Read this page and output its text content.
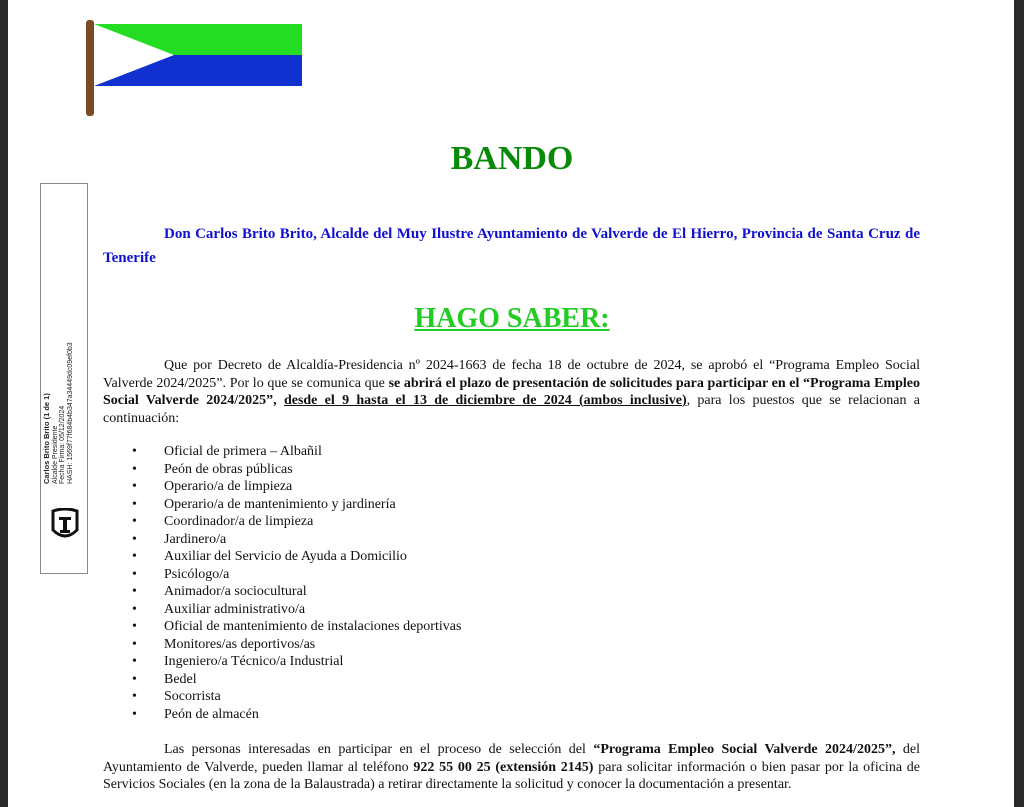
Carlos Brito Brito (1 de 1)
Alcalde Presidente
Fecha Firma: 05/12/2024
HASH: 1569f77f684b4b347a34449dc09ef0b3
BANDO
Don Carlos Brito Brito, Alcalde del Muy Ilustre Ayuntamiento de Valverde de El Hierro, Provincia de Santa Cruz de Tenerife
HAGO SABER:
Que por Decreto de Alcaldía-Presidencia nº 2024-1663 de fecha 18 de octubre de 2024, se aprobó el “Programa Empleo Social Valverde 2024/2025”. Por lo que se comunica que se abrirá el plazo de presentación de solicitudes para participar en el “Programa Empleo Social Valverde 2024/2025”, desde el 9 hasta el 13 de diciembre de 2024 (ambos inclusive), para los puestos que se relacionan a continuación:
• Oficial de primera – Albañil
• Peón de obras públicas
• Operario/a de limpieza
• Operario/a de mantenimiento y jardinería
• Coordinador/a de limpieza
• Jardinero/a
• Auxiliar del Servicio de Ayuda a Domicilio
• Psicólogo/a
• Animador/a sociocultural
• Auxiliar administrativo/a
• Oficial de mantenimiento de instalaciones deportivas
• Monitores/as deportivos/as
• Ingeniero/a Técnico/a Industrial
• Bedel
• Socorrista
• Peón de almacén
Las personas interesadas en participar en el proceso de selección del “Programa Empleo Social Valverde 2024/2025”, del Ayuntamiento de Valverde, pueden llamar al teléfono 922 55 00 25 (extensión 2145) para solicitar información o bien pasar por la oficina de Servicios Sociales (en la zona de la Balaustrada) a retirar directamente la solicitud y conocer la documentación a presentar.
